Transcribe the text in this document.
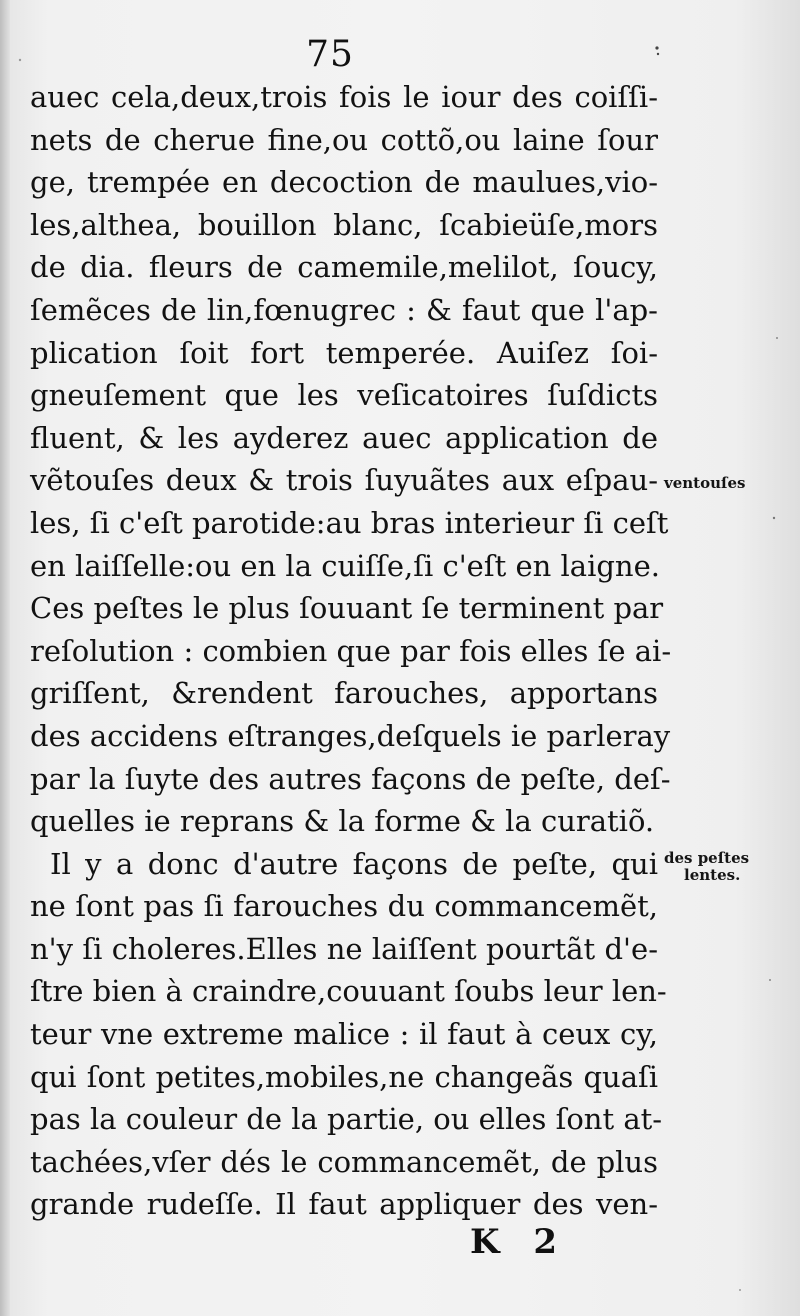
75
auec cela,deux,trois fois le iour des coiſſi-
nets de cherue fine,ou cottõ,ou laine ſour
ge, trempée en decoction de maulues,vio-
les,althea, bouillon blanc, ſcabieüſe,mors
de dia. fleurs de camemile,melilot, ſoucy,
ſemẽces de lin,fœnugrec : & faut que l'ap-
plication ſoit fort temperée. Auiſez ſoi-
gneuſement que les veſicatoires ſuſdicts
fluent, & les ayderez auec application de
vẽtouſes deux & trois ſuyuãtes aux eſpau-
les, ſi c'eſt parotide:au bras interieur ſi ceſt
en laiſſelle:ou en la cuiſſe,ſi c'eſt en laigne.
Ces peſtes le plus ſouuant ſe terminent par
reſolution : combien que par fois elles ſe ai-
griſſent, &rendent farouches, apportans
des accidens eſtranges,deſquels ie parleray
par la ſuyte des autres façons de peſte, deſ-
quelles ie reprans & la forme & la curatiõ.
Il y a donc d'autre façons de peſte, qui
ne ſont pas ſi farouches du commancemẽt,
n'y ſi choleres.Elles ne laiſſent pourtãt d'e-
ſtre bien à craindre,couuant ſoubs leur len-
teur vne extreme malice : il faut à ceux cy,
qui ſont petites,mobiles,ne changeãs quaſi
pas la couleur de la partie, ou elles ſont at-
tachées,vſer dés le commancemẽt, de plus
grande rudeſſe. Il faut appliquer des ven-
ventouſes
des peſtes
lentes.
K 2
